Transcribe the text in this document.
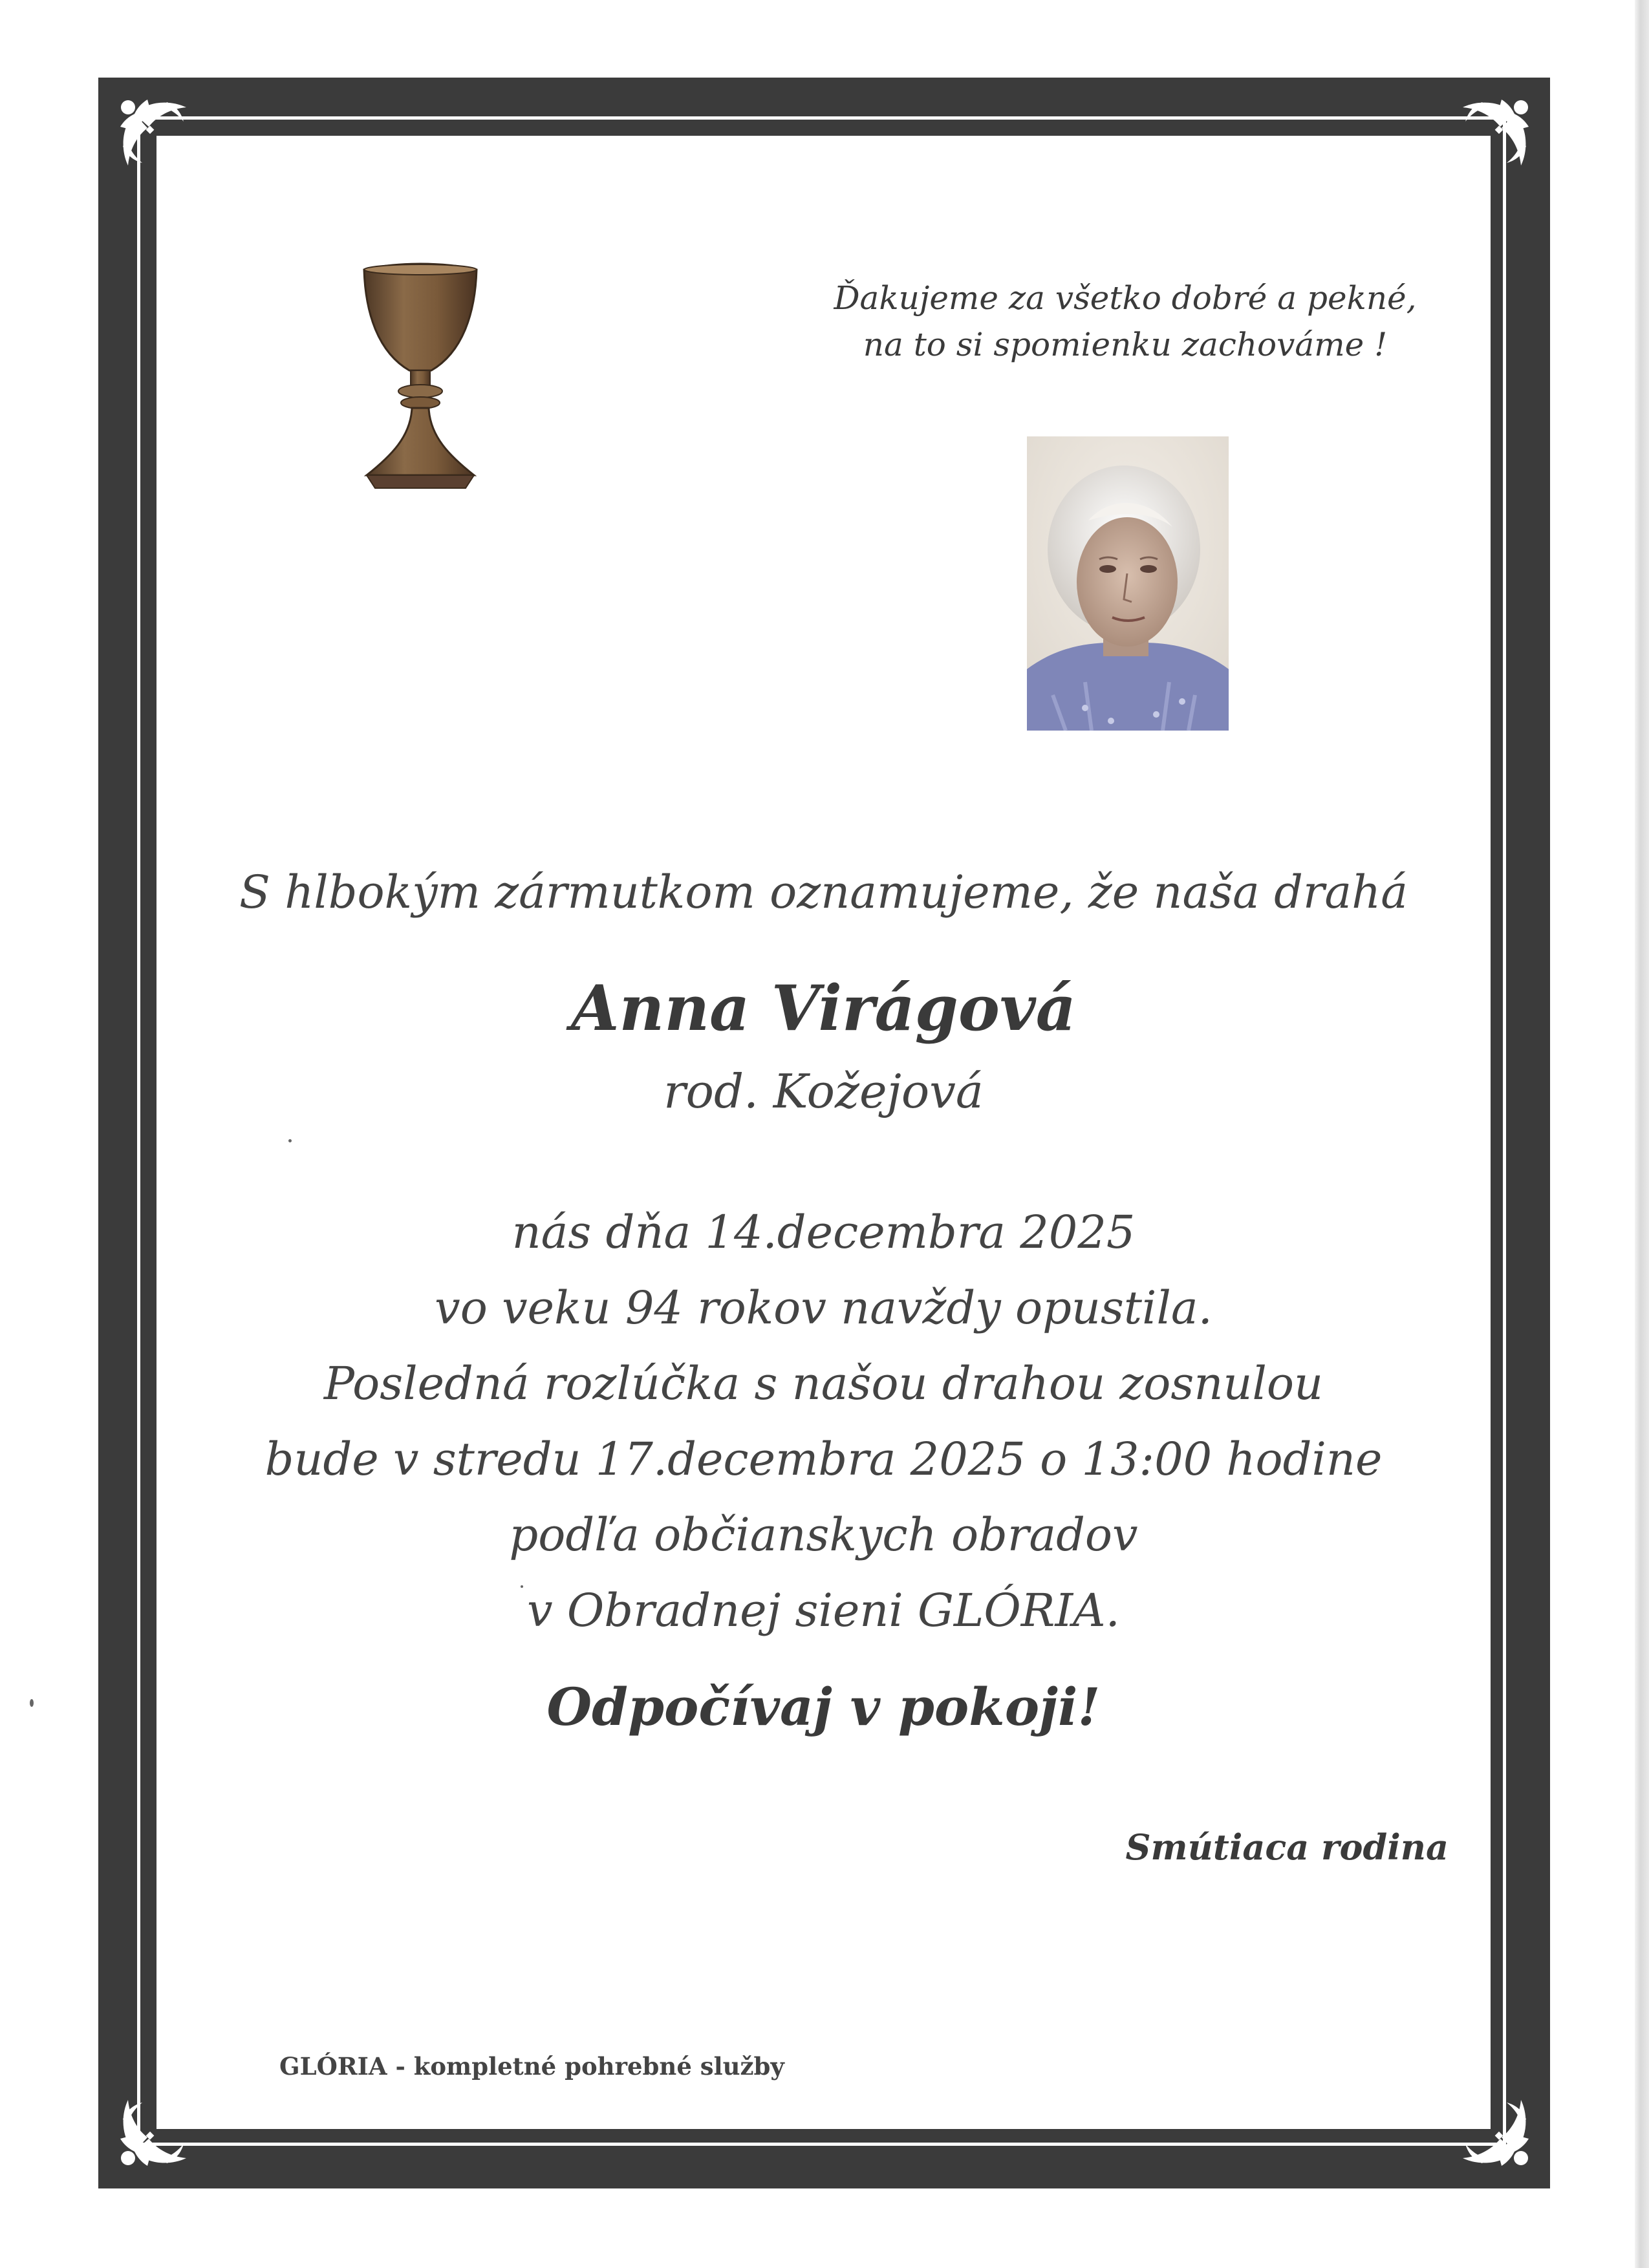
Ďakujeme za všetko dobré a pekné,
na to si spomienku zachováme !
S hlbokým zármutkom oznamujeme, že naša drahá
Anna Virágová
rod. Kožejová
nás dňa 14.decembra 2025
vo veku 94 rokov navždy opustila.
Posledná rozlúčka s našou drahou zosnulou
bude v stredu 17.decembra 2025 o 13:00 hodine
podľa občianskych obradov
v Obradnej sieni GLÓRIA.
Odpočívaj v pokoji!
Smútiaca rodina
GLÓRIA - kompletné pohrebné služby
